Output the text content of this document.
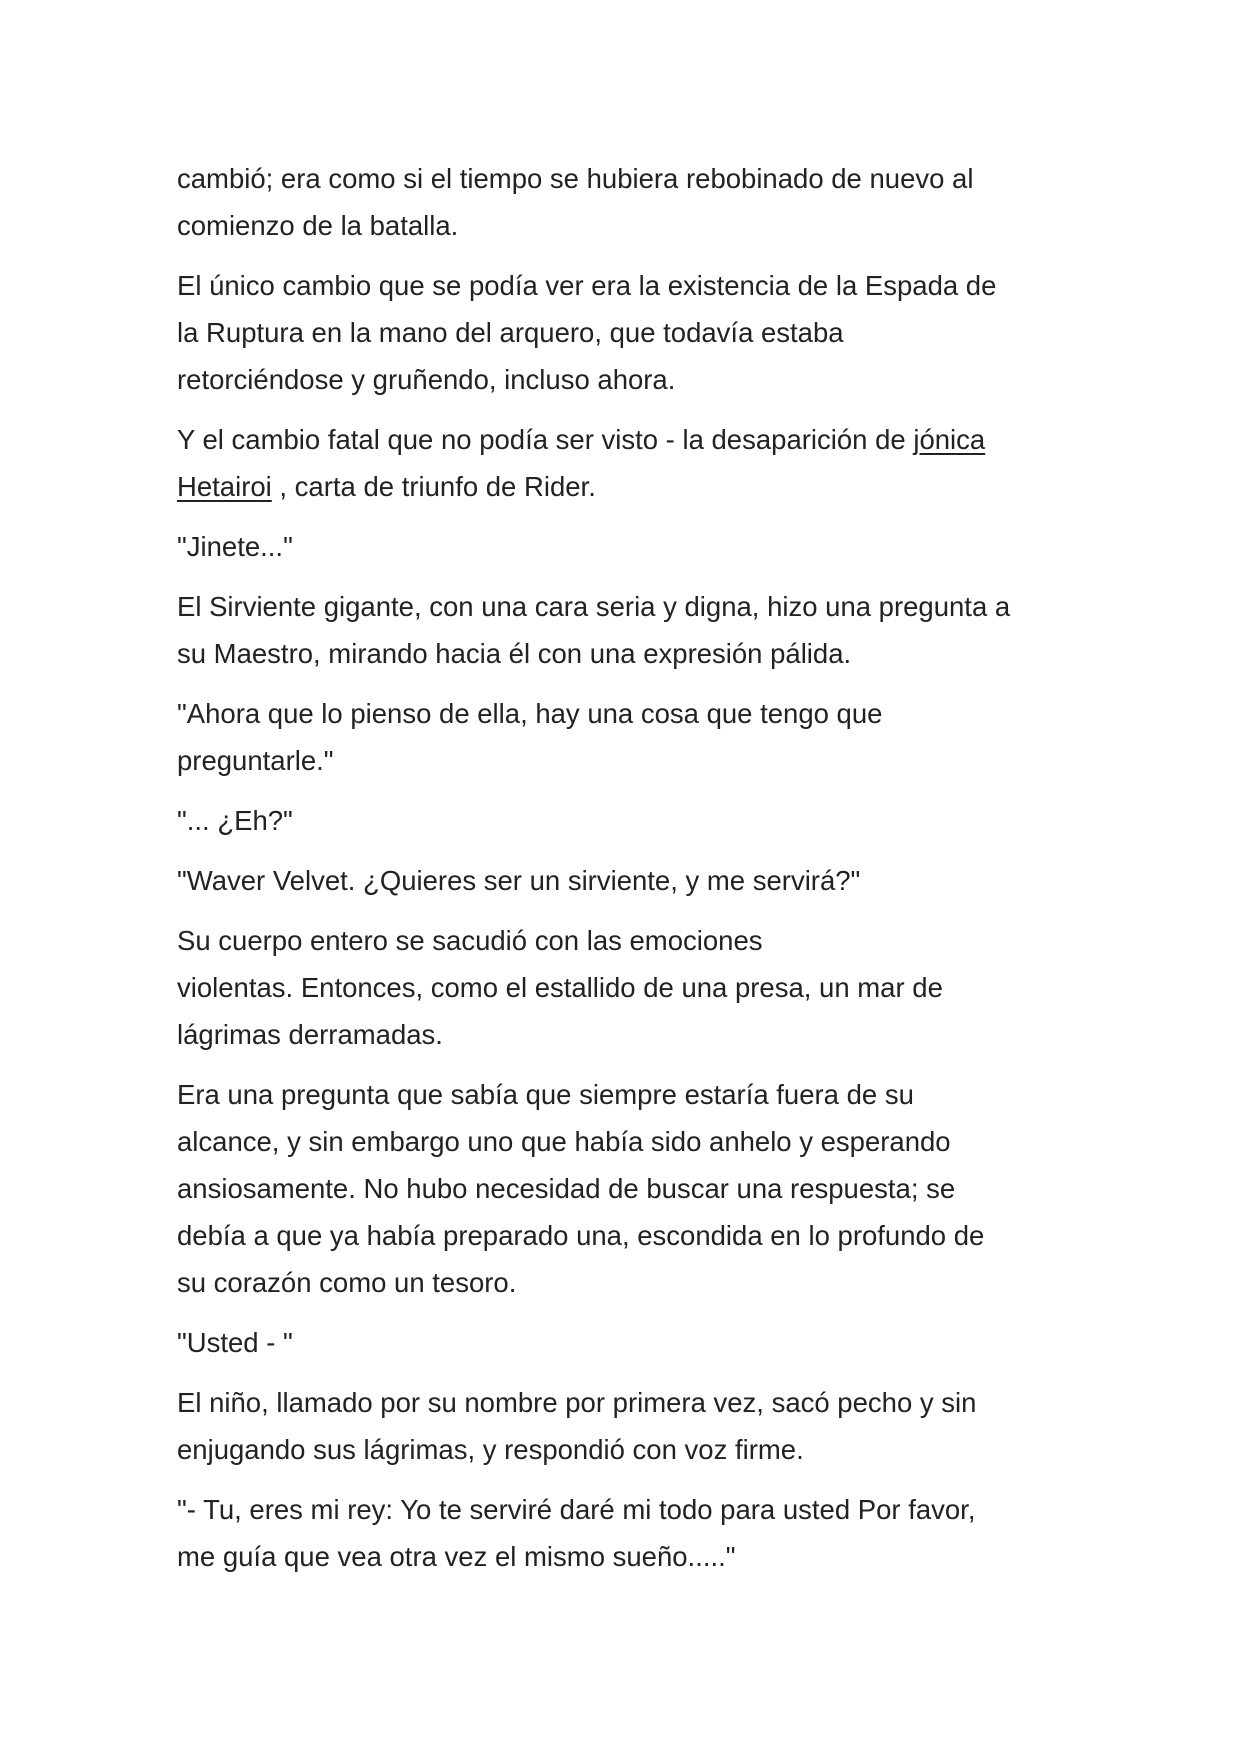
cambió; era como si el tiempo se hubiera rebobinado de nuevo al
comienzo de la batalla.

El único cambio que se podía ver era la existencia de la Espada de
la Ruptura en la mano del arquero, que todavía estaba
retorciéndose y gruñendo, incluso ahora.

Y el cambio fatal que no podía ser visto - la desaparición de jónica
Hetairoi , carta de triunfo de Rider.

"Jinete..."

El Sirviente gigante, con una cara seria y digna, hizo una pregunta a
su Maestro, mirando hacia él con una expresión pálida.

"Ahora que lo pienso de ella, hay una cosa que tengo que
preguntarle."

"... ¿Eh?"

"Waver Velvet. ¿Quieres ser un sirviente, y me servirá?"

Su cuerpo entero se sacudió con las emociones
violentas. Entonces, como el estallido de una presa, un mar de
lágrimas derramadas.

Era una pregunta que sabía que siempre estaría fuera de su
alcance, y sin embargo uno que había sido anhelo y esperando
ansiosamente. No hubo necesidad de buscar una respuesta; se
debía a que ya había preparado una, escondida en lo profundo de
su corazón como un tesoro.

"Usted - "

El niño, llamado por su nombre por primera vez, sacó pecho y sin
enjugando sus lágrimas, y respondió con voz firme.

"- Tu, eres mi rey: Yo te serviré daré mi todo para usted Por favor,
me guía que vea otra vez el mismo sueño....."
